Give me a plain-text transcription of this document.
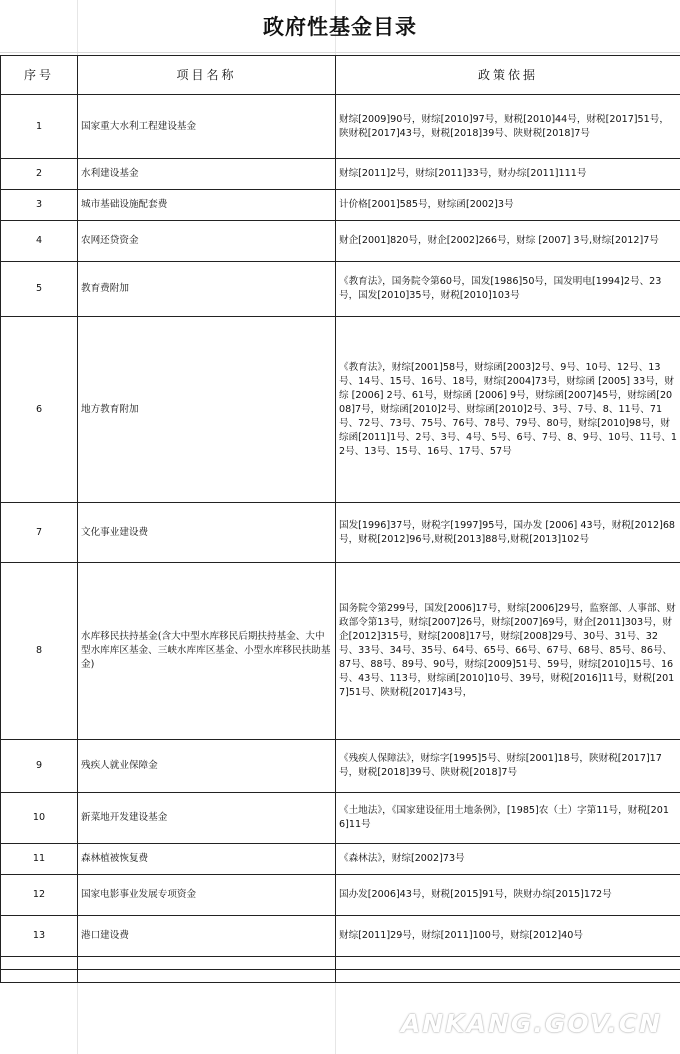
政府性基金目录
序号	项目名称	政策依据
1	国家重大水利工程建设基金	财综[2009]90号，财综[2010]97号，财税[2010]44号，财税[2017]51号，陕财税[2017]43号，财税[2018]39号、陕财税[2018]7号
2	水利建设基金	财综[2011]2号，财综[2011]33号，财办综[2011]111号
3	城市基础设施配套费	计价格[2001]585号，财综函[2002]3号
4	农网还贷资金	财企[2001]820号，财企[2002]266号，财综 [2007] 3号,财综[2012]7号
5	教育费附加	《教育法》，国务院令第60号，国发[1986]50号，国发明电[1994]2号、23号，国发[2010]35号，财税[2010]103号
6	地方教育附加	《教育法》，财综[2001]58号，财综函[2003]2号、9号、10号、12号、13号、14号、15号、16号、18号，财综[2004]73号，财综函 [2005] 33号，财综 [2006] 2号、61号，财综函 [2006] 9号，财综函[2007]45号，财综函[2008]7号，财综函[2010]2号、财综函[2010]2号、3号、7号、8、11号、71号、72号、73号、75号、76号、78号、79号、80号，财综[2010]98号，财综函[2011]1号、2号、3号、4号、5号、6号、7号、8、9号、10号、11号、12号、13号、15号、16号、17号、57号
7	文化事业建设费	国发[1996]37号，财税字[1997]95号，国办发 [2006] 43号，财税[2012]68号，财税[2012]96号,财税[2013]88号,财税[2013]102号
8	水库移民扶持基金(含大中型水库移民后期扶持基金、大中型水库库区基金、三峡水库库区基金、小型水库移民扶助基金)	国务院令第299号，国发[2006]17号，财综[2006]29号，监察部、人事部、财政部令第13号，财综[2007]26号，财综[2007]69号，财企[2011]303号，财企[2012]315号，财综[2008]17号，财综[2008]29号、30号、31号、32号、33号、34号、35号、64号、65号、66号、67号、68号、85号、86号、87号、88号、89号、90号，财综[2009]51号、59号，财综[2010]15号、16号、43号、113号，财综函[2010]10号、39号，财税[2016]11号，财税[2017]51号、陕财税[2017]43号，
9	残疾人就业保障金	《残疾人保障法》，财综字[1995]5号、财综[2001]18号，陕财税[2017]17号，财税[2018]39号、陕财税[2018]7号
10	新菜地开发建设基金	《土地法》，《国家建设征用土地条例》，[1985]农（土）字第11号，财税[2016]11号
11	森林植被恢复费	《森林法》，财综[2002]73号
12	国家电影事业发展专项资金	国办发[2006]43号，财税[2015]91号，陕财办综[2015]172号
13	港口建设费	财综[2011]29号，财综[2011]100号，财综[2012]40号

ANKANG.GOV.CN
